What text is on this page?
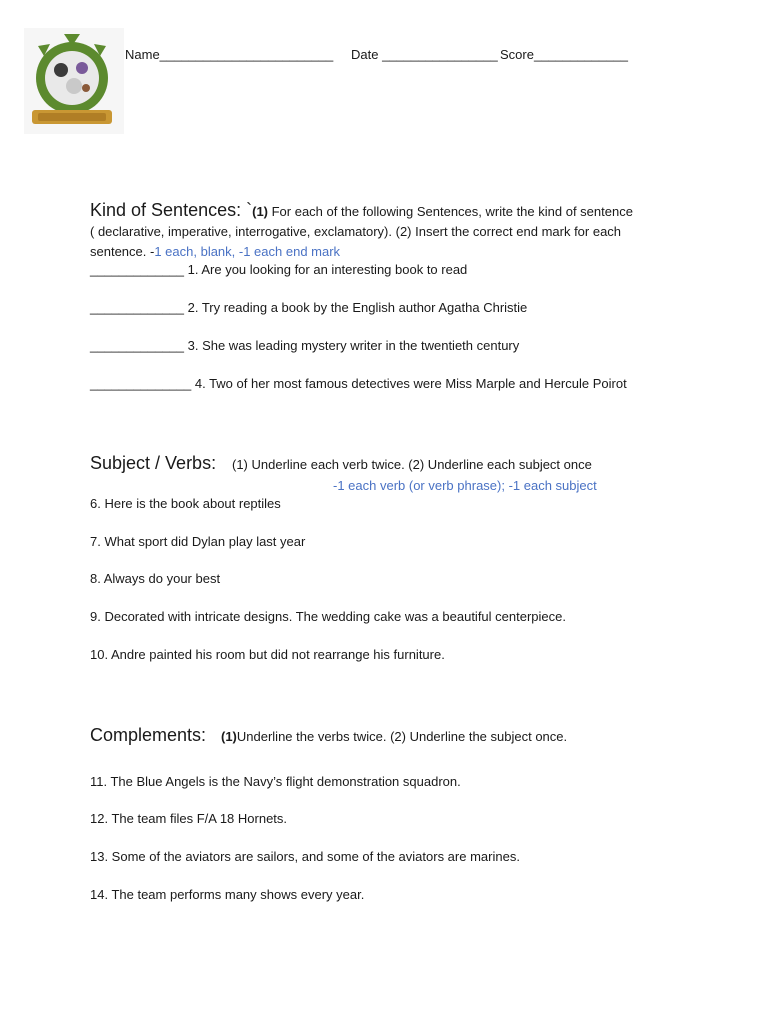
Name________________________ Date ________________ Score_____________
Kind of Sentences: `(1) For each of the following Sentences, write the kind of sentence
( declarative, imperative, interrogative, exclamatory). (2) Insert the correct end mark for each
sentence. -1 each, blank, -1 each end mark
_____________ 1. Are you looking for an interesting book to read
_____________ 2. Try reading a book by the English author Agatha Christie
_____________ 3. She was leading mystery writer in the twentieth century
______________ 4. Two of her most famous detectives were Miss Marple and Hercule Poirot
Subject / Verbs: (1) Underline each verb twice. (2) Underline each subject once
-1 each verb (or verb phrase); -1 each subject
6. Here is the book about reptiles
7. What sport did Dylan play last year
8. Always do your best
9. Decorated with intricate designs. The wedding cake was a beautiful centerpiece.
10. Andre painted his room but did not rearrange his furniture.
Complements: (1)Underline the verbs twice. (2) Underline the subject once.
11. The Blue Angels is the Navy’s flight demonstration squadron.
12. The team files F/A 18 Hornets.
13. Some of the aviators are sailors, and some of the aviators are marines.
14. The team performs many shows every year.
